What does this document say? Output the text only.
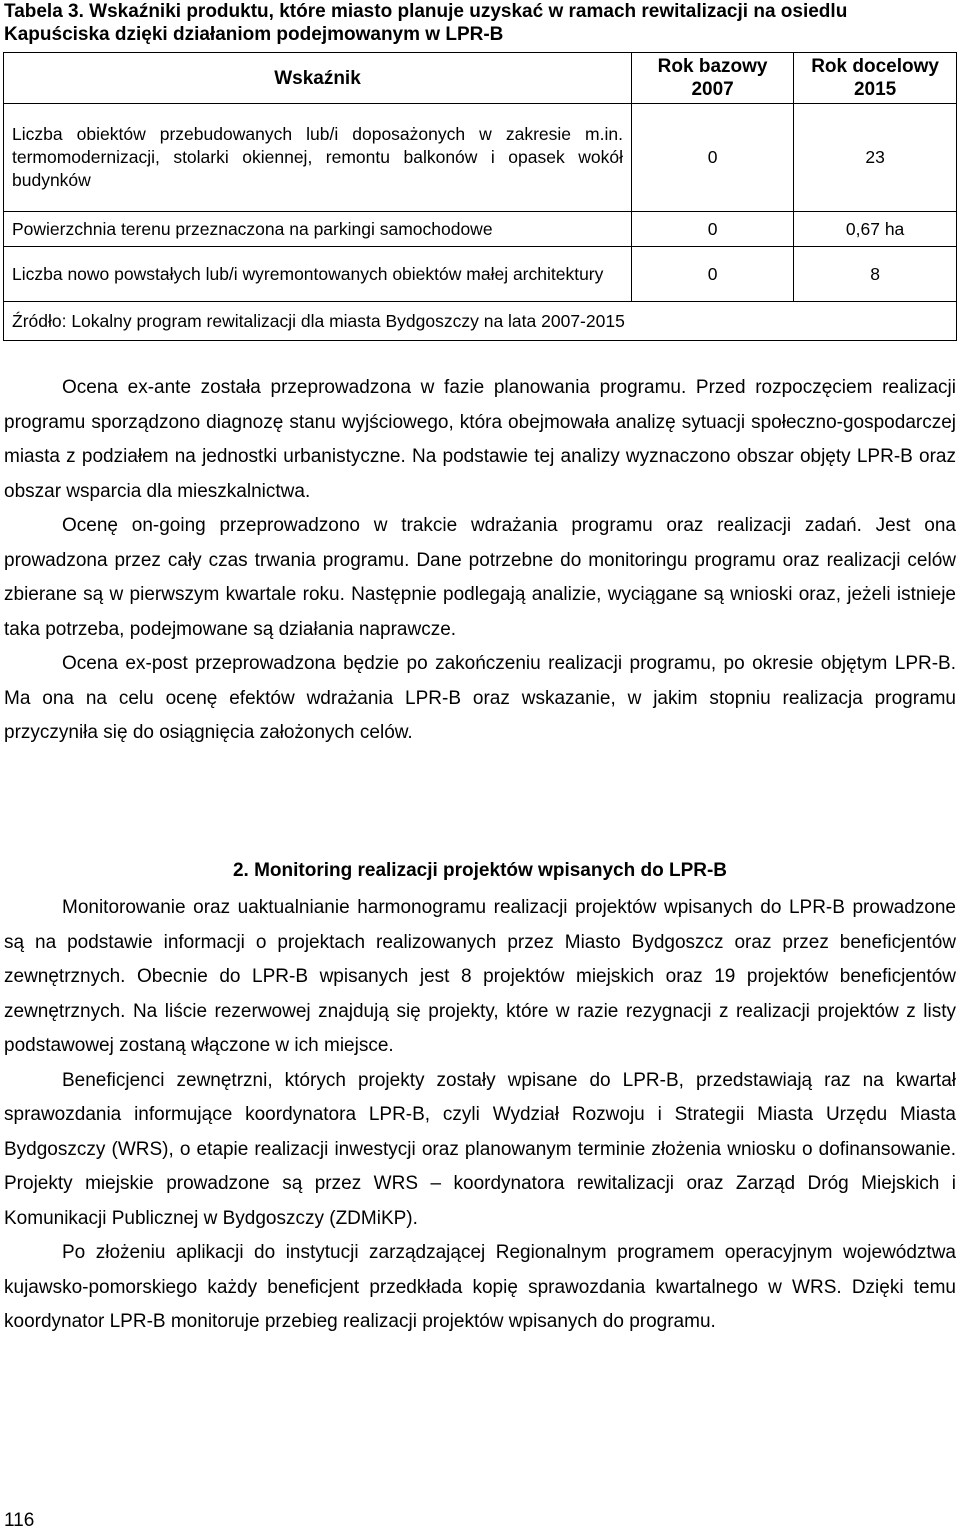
Tabela 3. Wskaźniki produktu, które miasto planuje uzyskać w ramach rewitalizacji na osiedlu Kapuściska dzięki działaniom podejmowanym w LPR-B
Wskaźnik	Rok bazowy 2007	Rok docelowy 2015
Liczba obiektów przebudowanych lub/i doposażonych w zakresie m.in. termomodernizacji, stolarki okiennej, remontu balkonów i opasek wokół budynków	0	23
Powierzchnia terenu przeznaczona na parkingi samochodowe	0	0,67 ha
Liczba nowo powstałych lub/i wyremontowanych obiektów małej architektury	0	8
Źródło: Lokalny program rewitalizacji dla miasta Bydgoszczy na lata 2007-2015		

Ocena ex-ante została przeprowadzona w fazie planowania programu. Przed rozpoczęciem realizacji programu sporządzono diagnozę stanu wyjściowego, która obejmowała analizę sytuacji społeczno-gospodarczej miasta z podziałem na jednostki urbanistyczne. Na podstawie tej analizy wyznaczono obszar objęty LPR-B oraz obszar wsparcia dla mieszkalnictwa.

Ocenę on-going przeprowadzono w trakcie wdrażania programu oraz realizacji zadań. Jest ona prowadzona przez cały czas trwania programu. Dane potrzebne do monitoringu programu oraz realizacji celów zbierane są w pierwszym kwartale roku. Następnie podlegają analizie, wyciągane są wnioski oraz, jeżeli istnieje taka potrzeba, podejmowane są działania naprawcze.

Ocena ex-post przeprowadzona będzie po zakończeniu realizacji programu, po okresie objętym LPR-B. Ma ona na celu ocenę efektów wdrażania LPR-B oraz wskazanie, w jakim stopniu realizacja programu przyczyniła się do osiągnięcia założonych celów.

2. Monitoring realizacji projektów wpisanych do LPR-B

Monitorowanie oraz uaktualnianie harmonogramu realizacji projektów wpisanych do LPR-B prowadzone są na podstawie informacji o projektach realizowanych przez Miasto Bydgoszcz oraz przez beneficjentów zewnętrznych. Obecnie do LPR-B wpisanych jest 8 projektów miejskich oraz 19 projektów beneficjentów zewnętrznych. Na liście rezerwowej znajdują się projekty, które w razie rezygnacji z realizacji projektów z listy podstawowej zostaną włączone w ich miejsce.

Beneficjenci zewnętrzni, których projekty zostały wpisane do LPR-B, przedstawiają raz na kwartał sprawozdania informujące koordynatora LPR-B, czyli Wydział Rozwoju i Strategii Miasta Urzędu Miasta Bydgoszczy (WRS), o etapie realizacji inwestycji oraz planowanym terminie złożenia wniosku o dofinansowanie. Projekty miejskie prowadzone są przez WRS – koordynatora rewitalizacji oraz Zarząd Dróg Miejskich i Komunikacji Publicznej w Bydgoszczy (ZDMiKP).

Po złożeniu aplikacji do instytucji zarządzającej Regionalnym programem operacyjnym województwa kujawsko-pomorskiego każdy beneficjent przedkłada kopię sprawozdania kwartalnego w WRS. Dzięki temu koordynator LPR-B monitoruje przebieg realizacji projektów wpisanych do programu.

116
